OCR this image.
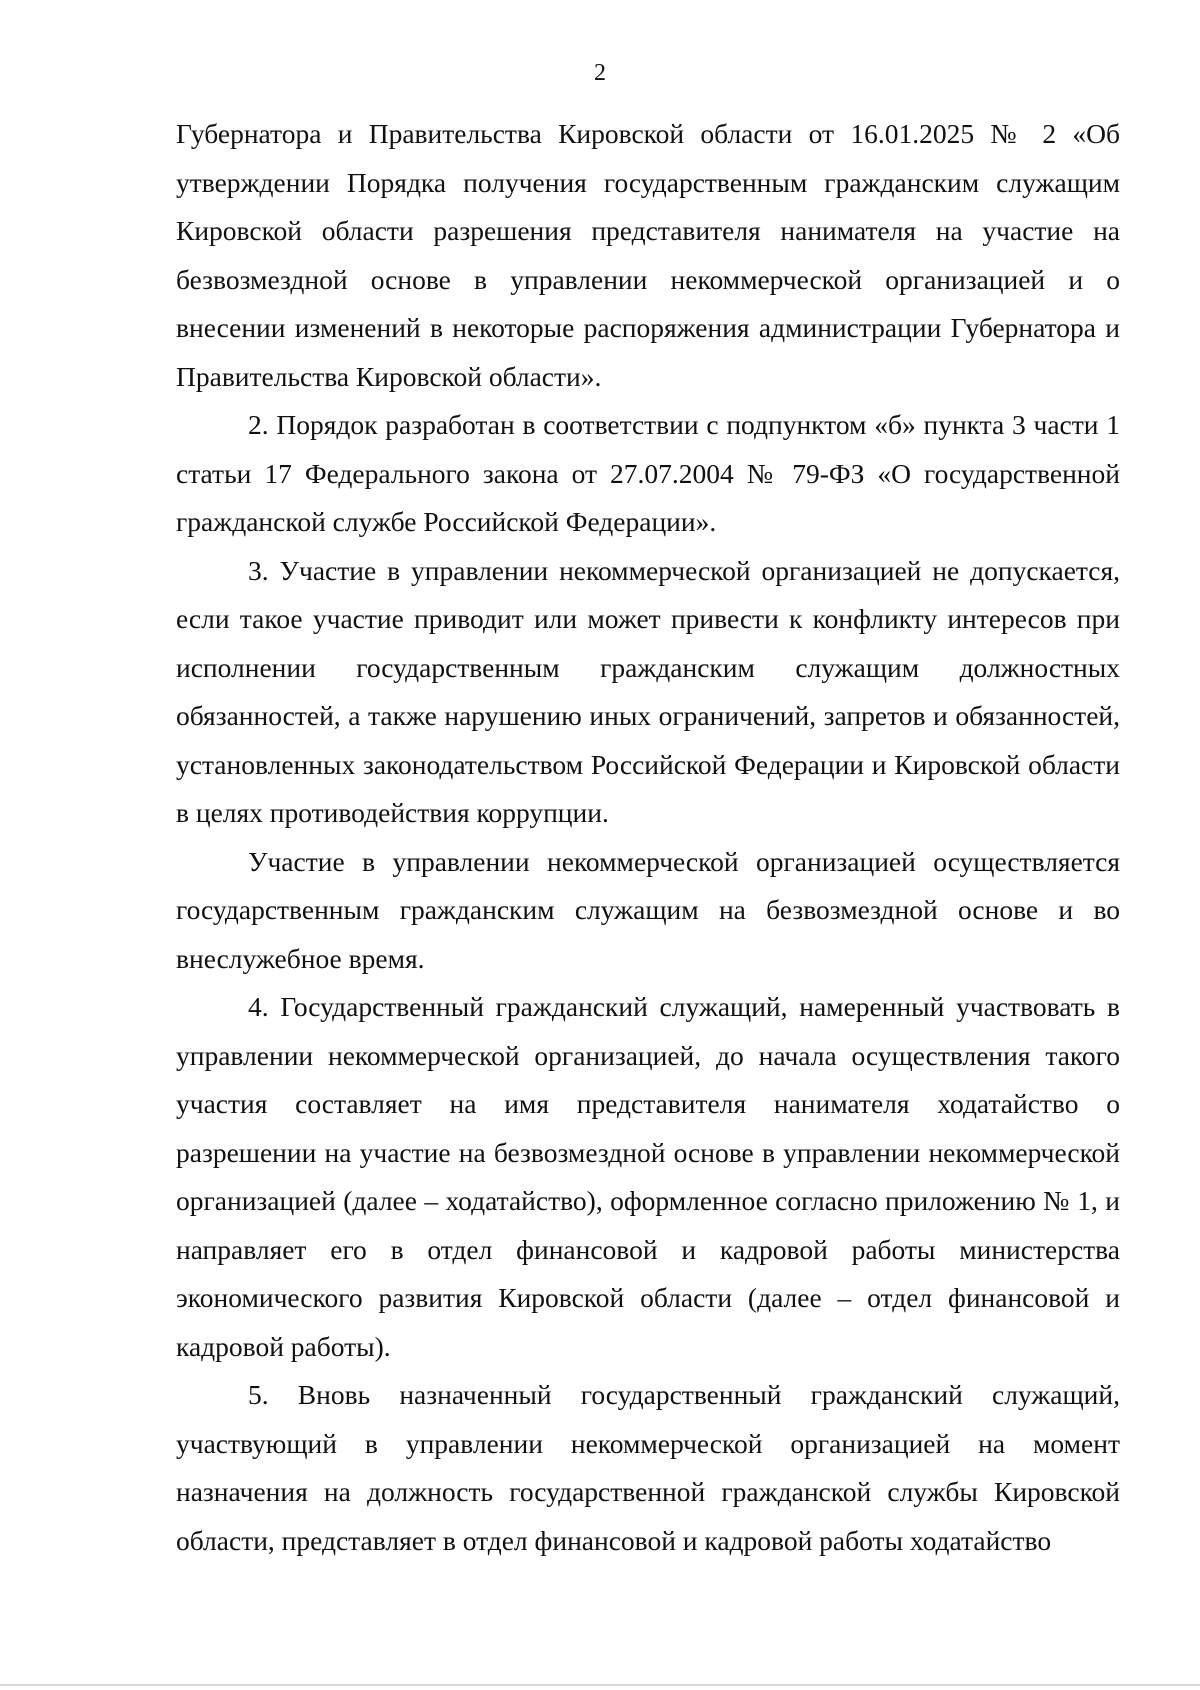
2

Губернатора и Правительства Кировской области от 16.01.2025 № 2 «Об утверждении Порядка получения государственным гражданским служащим Кировской области разрешения представителя нанимателя на участие на безвозмездной основе в управлении некоммерческой организацией и о внесении изменений в некоторые распоряжения администрации Губернатора и Правительства Кировской области».

2. Порядок разработан в соответствии с подпунктом «б» пункта 3 части 1 статьи 17 Федерального закона от 27.07.2004 № 79-ФЗ «О государственной гражданской службе Российской Федерации».

3. Участие в управлении некоммерческой организацией не допускается, если такое участие приводит или может привести к конфликту интересов при исполнении государственным гражданским служащим должностных обязанностей, а также нарушению иных ограничений, запретов и обязанностей, установленных законодательством Российской Федерации и Кировской области в целях противодействия коррупции.

Участие в управлении некоммерческой организацией осуществляется государственным гражданским служащим на безвозмездной основе и во внеслужебное время.

4. Государственный гражданский служащий, намеренный участвовать в управлении некоммерческой организацией, до начала осуществления такого участия составляет на имя представителя нанимателя ходатайство о разрешении на участие на безвозмездной основе в управлении некоммерческой организацией (далее – ходатайство), оформленное согласно приложению № 1, и направляет его в отдел финансовой и кадровой работы министерства экономического развития Кировской области (далее – отдел финансовой и кадровой работы).

5. Вновь назначенный государственный гражданский служащий, участвующий в управлении некоммерческой организацией на момент назначения на должность государственной гражданской службы Кировской области, представляет в отдел финансовой и кадровой работы ходатайство
